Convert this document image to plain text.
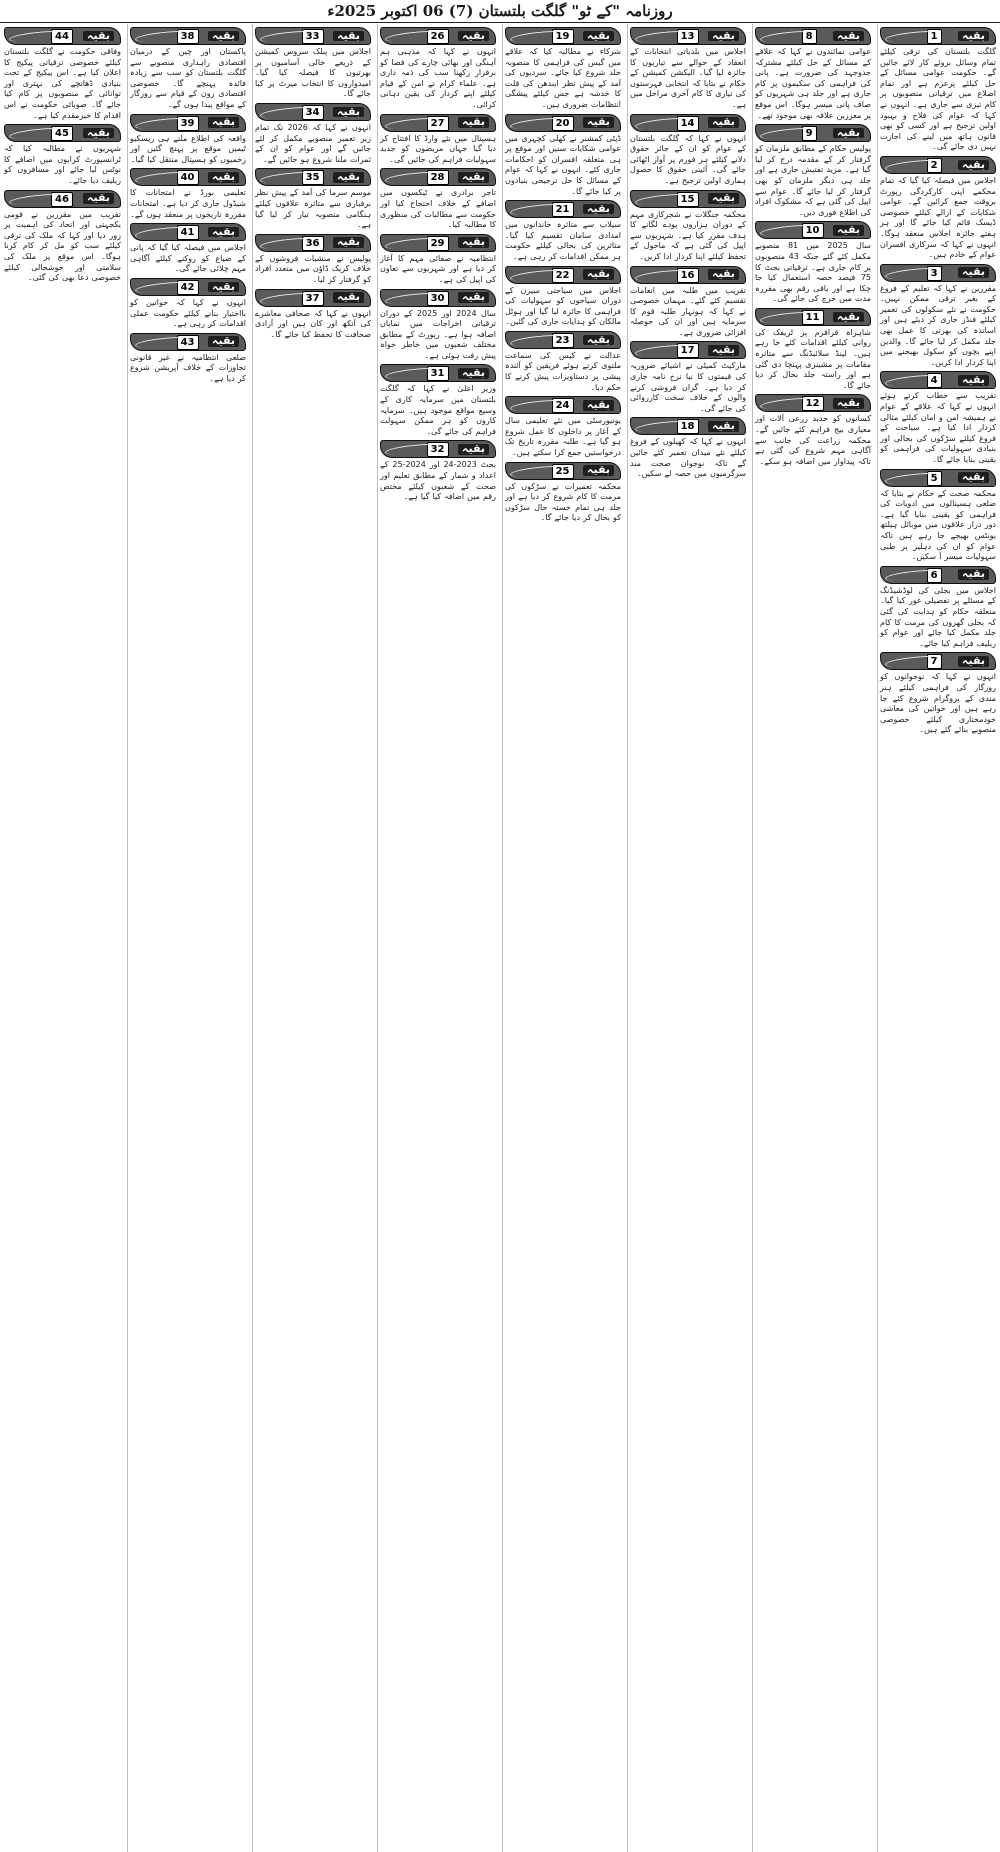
روزنامہ "کے ٹو" گلگت بلتستان (7) 06 اکتوبر 2025ء
بقیہ
1

گلگت بلتستان کی ترقی کیلئے تمام وسائل بروئے کار لائے جائیں گے۔ حکومت عوامی مسائل کے حل کیلئے پرعزم ہے اور تمام اضلاع میں ترقیاتی منصوبوں پر کام تیزی سے جاری ہے۔ انہوں نے کہا کہ عوام کی فلاح و بہبود اولین ترجیح ہے اور کسی کو بھی قانون ہاتھ میں لینے کی اجازت نہیں دی جائے گی۔

بقیہ
2

اجلاس میں فیصلہ کیا گیا کہ تمام محکمے اپنی کارکردگی رپورٹ بروقت جمع کرائیں گے۔ عوامی شکایات کے ازالے کیلئے خصوصی ڈیسک قائم کیا جائے گا اور ہر ہفتے جائزہ اجلاس منعقد ہوگا۔ انہوں نے کہا کہ سرکاری افسران عوام کے خادم ہیں۔

بقیہ
3

مقررین نے کہا کہ تعلیم کے فروغ کے بغیر ترقی ممکن نہیں۔ حکومت نے نئے سکولوں کی تعمیر کیلئے فنڈز جاری کر دیئے ہیں اور اساتذہ کی بھرتی کا عمل بھی جلد مکمل کر لیا جائے گا۔ والدین اپنے بچوں کو سکول بھیجنے میں اپنا کردار ادا کریں۔

بقیہ
4

تقریب سے خطاب کرتے ہوئے انہوں نے کہا کہ علاقے کے عوام نے ہمیشہ امن و امان کیلئے مثالی کردار ادا کیا ہے۔ سیاحت کے فروغ کیلئے سڑکوں کی بحالی اور بنیادی سہولیات کی فراہمی کو یقینی بنایا جائے گا۔

بقیہ
5

محکمہ صحت کے حکام نے بتایا کہ ضلعی ہسپتالوں میں ادویات کی فراہمی کو یقینی بنایا گیا ہے۔ دور دراز علاقوں میں موبائل ہیلتھ یونٹس بھیجے جا رہے ہیں تاکہ عوام کو ان کی دہلیز پر طبی سہولیات میسر آ سکیں۔

بقیہ
6

اجلاس میں بجلی کی لوڈشیڈنگ کے مسئلے پر تفصیلی غور کیا گیا۔ متعلقہ حکام کو ہدایت کی گئی کہ بجلی گھروں کی مرمت کا کام جلد مکمل کیا جائے اور عوام کو ریلیف فراہم کیا جائے۔

بقیہ
7

انہوں نے کہا کہ نوجوانوں کو روزگار کی فراہمی کیلئے ہنر مندی کے پروگرام شروع کئے جا رہے ہیں اور خواتین کی معاشی خودمختاری کیلئے خصوصی منصوبے بنائے گئے ہیں۔

بقیہ
8

عوامی نمائندوں نے کہا کہ علاقے کے مسائل کے حل کیلئے مشترکہ جدوجہد کی ضرورت ہے۔ پانی کی فراہمی کی سکیموں پر کام جاری ہے اور جلد ہی شہریوں کو صاف پانی میسر ہوگا۔ اس موقع پر معززین علاقہ بھی موجود تھے۔

بقیہ
9

پولیس حکام کے مطابق ملزمان کو گرفتار کر کے مقدمہ درج کر لیا گیا ہے۔ مزید تفتیش جاری ہے اور جلد ہی دیگر ملزمان کو بھی گرفتار کر لیا جائے گا۔ عوام سے اپیل کی گئی ہے کہ مشکوک افراد کی اطلاع فوری دیں۔

بقیہ
10

سال 2025 میں 81 منصوبے مکمل کئے گئے جبکہ 43 منصوبوں پر کام جاری ہے۔ ترقیاتی بجٹ کا 75 فیصد حصہ استعمال کیا جا چکا ہے اور باقی رقم بھی مقررہ مدت میں خرچ کی جائے گی۔

بقیہ
11

شاہراہ قراقرم پر ٹریفک کی روانی کیلئے اقدامات کئے جا رہے ہیں۔ لینڈ سلائیڈنگ سے متاثرہ مقامات پر مشینری پہنچا دی گئی ہے اور راستہ جلد بحال کر دیا جائے گا۔

بقیہ
12

کسانوں کو جدید زرعی آلات اور معیاری بیج فراہم کئے جائیں گے۔ محکمہ زراعت کی جانب سے آگاہی مہم شروع کی گئی ہے تاکہ پیداوار میں اضافہ ہو سکے۔

بقیہ
13

اجلاس میں بلدیاتی انتخابات کے انعقاد کے حوالے سے تیاریوں کا جائزہ لیا گیا۔ الیکشن کمیشن کے حکام نے بتایا کہ انتخابی فہرستوں کی تیاری کا کام آخری مراحل میں ہے۔

بقیہ
14

انہوں نے کہا کہ گلگت بلتستان کے عوام کو ان کے جائز حقوق دلانے کیلئے ہر فورم پر آواز اٹھائی جائے گی۔ آئینی حقوق کا حصول ہماری اولین ترجیح ہے۔

بقیہ
15

محکمہ جنگلات نے شجرکاری مہم کے دوران ہزاروں پودے لگانے کا ہدف مقرر کیا ہے۔ شہریوں سے اپیل کی گئی ہے کہ ماحول کے تحفظ کیلئے اپنا کردار ادا کریں۔

بقیہ
16

تقریب میں طلبہ میں انعامات تقسیم کئے گئے۔ مہمان خصوصی نے کہا کہ ہونہار طلبہ قوم کا سرمایہ ہیں اور ان کی حوصلہ افزائی ضروری ہے۔

بقیہ
17

مارکیٹ کمیٹی نے اشیائے ضروریہ کی قیمتوں کا نیا نرخ نامہ جاری کر دیا ہے۔ گراں فروشی کرنے والوں کے خلاف سخت کارروائی کی جائے گی۔

بقیہ
18

انہوں نے کہا کہ کھیلوں کے فروغ کیلئے نئے میدان تعمیر کئے جائیں گے تاکہ نوجوان صحت مند سرگرمیوں میں حصہ لے سکیں۔

بقیہ
19

شرکاء نے مطالبہ کیا کہ علاقے میں گیس کی فراہمی کا منصوبہ جلد شروع کیا جائے۔ سردیوں کی آمد کے پیش نظر ایندھن کی قلت کا خدشہ ہے جس کیلئے پیشگی انتظامات ضروری ہیں۔

بقیہ
20

ڈپٹی کمشنر نے کھلی کچہری میں عوامی شکایات سنیں اور موقع پر ہی متعلقہ افسران کو احکامات جاری کئے۔ انہوں نے کہا کہ عوام کے مسائل کا حل ترجیحی بنیادوں پر کیا جائے گا۔

بقیہ
21

سیلاب سے متاثرہ خاندانوں میں امدادی سامان تقسیم کیا گیا۔ متاثرین کی بحالی کیلئے حکومت ہر ممکن اقدامات کر رہی ہے۔

بقیہ
22

اجلاس میں سیاحتی سیزن کے دوران سیاحوں کو سہولیات کی فراہمی کا جائزہ لیا گیا اور ہوٹل مالکان کو ہدایات جاری کی گئیں۔

بقیہ
23

عدالت نے کیس کی سماعت ملتوی کرتے ہوئے فریقین کو آئندہ پیشی پر دستاویزات پیش کرنے کا حکم دیا۔

بقیہ
24

یونیورسٹی میں نئے تعلیمی سال کے آغاز پر داخلوں کا عمل شروع ہو گیا ہے۔ طلبہ مقررہ تاریخ تک درخواستیں جمع کرا سکتے ہیں۔

بقیہ
25

محکمہ تعمیرات نے سڑکوں کی مرمت کا کام شروع کر دیا ہے اور جلد ہی تمام خستہ حال سڑکوں کو بحال کر دیا جائے گا۔

بقیہ
26

انہوں نے کہا کہ مذہبی ہم آہنگی اور بھائی چارے کی فضا کو برقرار رکھنا سب کی ذمہ داری ہے۔ علماء کرام نے امن کے قیام کیلئے اپنے کردار کی یقین دہانی کرائی۔

بقیہ
27

ہسپتال میں نئے وارڈ کا افتتاح کر دیا گیا جہاں مریضوں کو جدید سہولیات فراہم کی جائیں گی۔

بقیہ
28

تاجر برادری نے ٹیکسوں میں اضافے کے خلاف احتجاج کیا اور حکومت سے مطالبات کی منظوری کا مطالبہ کیا۔

بقیہ
29

انتظامیہ نے صفائی مہم کا آغاز کر دیا ہے اور شہریوں سے تعاون کی اپیل کی ہے۔

بقیہ
30

سال 2024 اور 2025 کے دوران ترقیاتی اخراجات میں نمایاں اضافہ ہوا ہے۔ رپورٹ کے مطابق مختلف شعبوں میں خاطر خواہ پیش رفت ہوئی ہے۔

بقیہ
31

وزیر اعلیٰ نے کہا کہ گلگت بلتستان میں سرمایہ کاری کے وسیع مواقع موجود ہیں۔ سرمایہ کاروں کو ہر ممکن سہولت فراہم کی جائے گی۔

بقیہ
32

بجٹ 2023-24 اور 2024-25 کے اعداد و شمار کے مطابق تعلیم اور صحت کے شعبوں کیلئے مختص رقم میں اضافہ کیا گیا ہے۔

بقیہ
33

اجلاس میں پبلک سروس کمیشن کے ذریعے خالی آسامیوں پر بھرتیوں کا فیصلہ کیا گیا۔ امیدواروں کا انتخاب میرٹ پر کیا جائے گا۔

بقیہ
34

انہوں نے کہا کہ 2026 تک تمام زیر تعمیر منصوبے مکمل کر لئے جائیں گے اور عوام کو ان کے ثمرات ملنا شروع ہو جائیں گے۔

بقیہ
35

موسم سرما کی آمد کے پیش نظر برفباری سے متاثرہ علاقوں کیلئے ہنگامی منصوبہ تیار کر لیا گیا ہے۔

بقیہ
36

پولیس نے منشیات فروشوں کے خلاف کریک ڈاؤن میں متعدد افراد کو گرفتار کر لیا۔

بقیہ
37

انہوں نے کہا کہ صحافی معاشرے کی آنکھ اور کان ہیں اور آزادی صحافت کا تحفظ کیا جائے گا۔

بقیہ
38

پاکستان اور چین کے درمیان اقتصادی راہداری منصوبے سے گلگت بلتستان کو سب سے زیادہ فائدہ پہنچے گا۔ خصوصی اقتصادی زون کے قیام سے روزگار کے مواقع پیدا ہوں گے۔

بقیہ
39

واقعہ کی اطلاع ملتے ہی ریسکیو ٹیمیں موقع پر پہنچ گئیں اور زخمیوں کو ہسپتال منتقل کیا گیا۔

بقیہ
40

تعلیمی بورڈ نے امتحانات کا شیڈول جاری کر دیا ہے۔ امتحانات مقررہ تاریخوں پر منعقد ہوں گے۔

بقیہ
41

اجلاس میں فیصلہ کیا گیا کہ پانی کے ضیاع کو روکنے کیلئے آگاہی مہم چلائی جائے گی۔

بقیہ
42

انہوں نے کہا کہ خواتین کو بااختیار بنانے کیلئے حکومت عملی اقدامات کر رہی ہے۔

بقیہ
43

ضلعی انتظامیہ نے غیر قانونی تجاوزات کے خلاف آپریشن شروع کر دیا ہے۔

بقیہ
44

وفاقی حکومت نے گلگت بلتستان کیلئے خصوصی ترقیاتی پیکیج کا اعلان کیا ہے۔ اس پیکیج کے تحت بنیادی ڈھانچے کی بہتری اور توانائی کے منصوبوں پر کام کیا جائے گا۔ صوبائی حکومت نے اس اقدام کا خیرمقدم کیا ہے۔

بقیہ
45

شہریوں نے مطالبہ کیا کہ ٹرانسپورٹ کرایوں میں اضافے کا نوٹس لیا جائے اور مسافروں کو ریلیف دیا جائے۔

بقیہ
46

تقریب میں مقررین نے قومی یکجہتی اور اتحاد کی اہمیت پر زور دیا اور کہا کہ ملک کی ترقی کیلئے سب کو مل کر کام کرنا ہوگا۔ اس موقع پر ملک کی سلامتی اور خوشحالی کیلئے خصوصی دعا بھی کی گئی۔
